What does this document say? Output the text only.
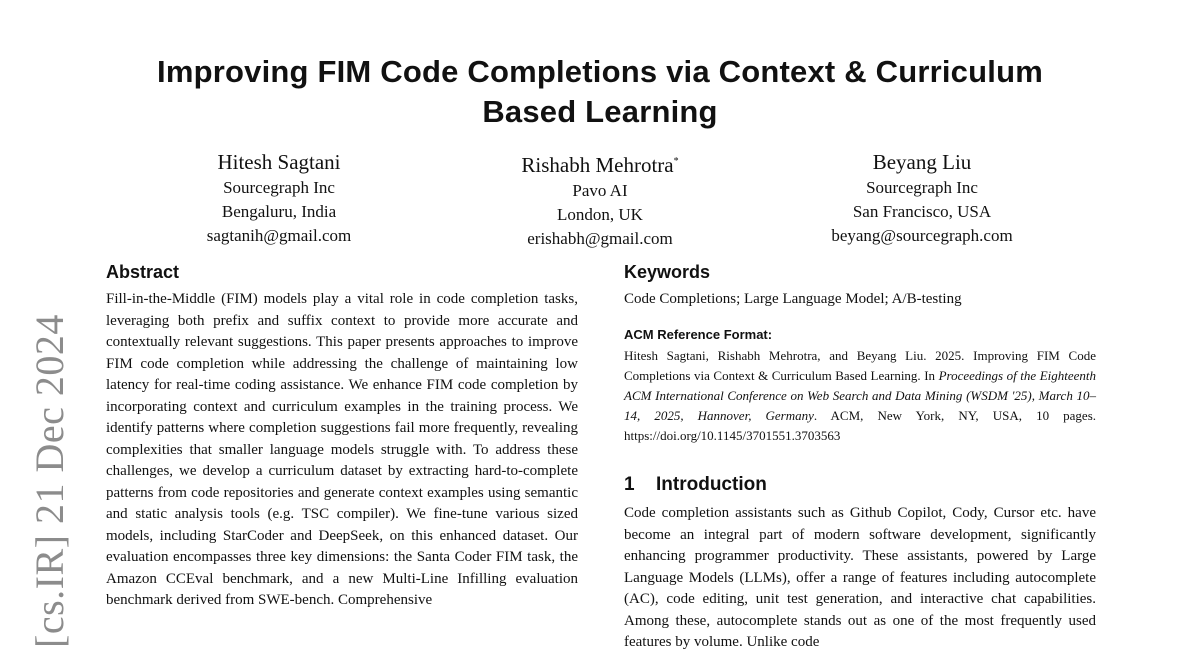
Improving FIM Code Completions via Context & Curriculum Based Learning
Hitesh Sagtani
Sourcegraph Inc
Bengaluru, India
sagtanih@gmail.com
Rishabh Mehrotra*
Pavo AI
London, UK
erishabh@gmail.com
Beyang Liu
Sourcegraph Inc
San Francisco, USA
beyang@sourcegraph.com
[cs.IR] 21 Dec 2024
Abstract

Fill-in-the-Middle (FIM) models play a vital role in code completion tasks, leveraging both prefix and suffix context to provide more accurate and contextually relevant suggestions. This paper presents approaches to improve FIM code completion while addressing the challenge of maintaining low latency for real-time coding assistance. We enhance FIM code completion by incorporating context and curriculum examples in the training process. We identify patterns where completion suggestions fail more frequently, revealing complexities that smaller language models struggle with. To address these challenges, we develop a curriculum dataset by extracting hard-to-complete patterns from code repositories and generate context examples using semantic and static analysis tools (e.g. TSC compiler). We fine-tune various sized models, including StarCoder and DeepSeek, on this enhanced dataset. Our evaluation encompasses three key dimensions: the Santa Coder FIM task, the Amazon CCEval benchmark, and a new Multi-Line Infilling evaluation benchmark derived from SWE-bench. Comprehensive

Keywords

Code Completions; Large Language Model; A/B-testing

ACM Reference Format:

Hitesh Sagtani, Rishabh Mehrotra, and Beyang Liu. 2025. Improving FIM Code Completions via Context & Curriculum Based Learning. In Proceedings of the Eighteenth ACM International Conference on Web Search and Data Mining (WSDM '25), March 10–14, 2025, Hannover, Germany. ACM, New York, NY, USA, 10 pages. https://doi.org/10.1145/3701551.3703563

1 Introduction

Code completion assistants such as Github Copilot, Cody, Cursor etc. have become an integral part of modern software development, significantly enhancing programmer productivity. These assistants, powered by Large Language Models (LLMs), offer a range of features including autocomplete (AC), code editing, unit test generation, and interactive chat capabilities. Among these, autocomplete stands out as one of the most frequently used features by volume. Unlike code
